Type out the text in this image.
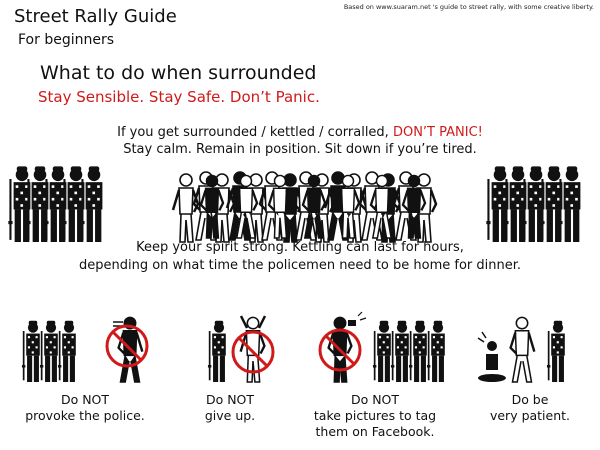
Based on www.suaram.net 's guide to street rally, with some creative liberty.
Street Rally Guide
For beginners
What to do when surrounded
Stay Sensible. Stay Safe. Don’t Panic.
If you get surrounded / kettled / corralled, DON’T PANIC!
Stay calm. Remain in position. Sit down if you’re tired.
Keep your spirit strong. Kettling can last for hours,
depending on what time the policemen need to be home for dinner.
Do NOT
provoke the police.
Do NOT
give up.
Do NOT
take pictures to tag
them on Facebook.
Do be
very patient.
